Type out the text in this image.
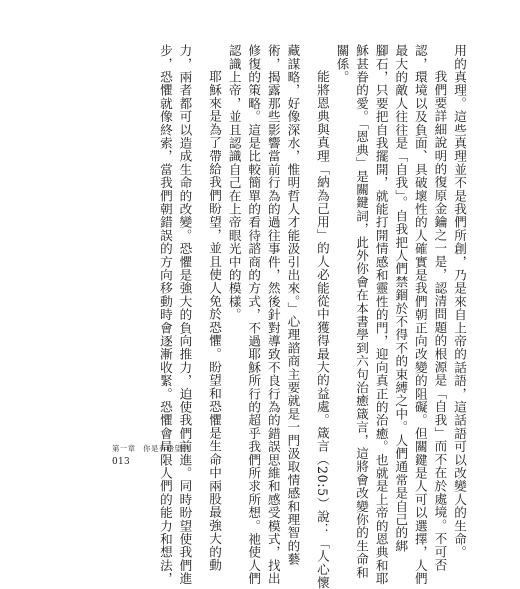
用的真理。這些真理並不是我們所創，乃是來自上帝的話語，這話語可以改變人的生命。
我們要詳細說明的復原金鑰之一是，認清問題的根源是「自我」而不在於處境。不可否
認，環境以及負面、具破壞性的人確實是我們朝正向改變的阻礙。但關鍵是人可以選擇，人們
最大的敵人往往是「自我」。自我把人們禁錮於不得不的束縛之中。人們通常是自己的綁
腳石，只要把自我擺開，就能打開情感和靈性的門，迎向真正的治癒。也就是上帝的恩典和耶
穌甚眷的愛。「恩典」是關鍵詞，此外你會在本書學到六句治癒箴言，這將會改變你的生命和
關係。
能將恩典與真理「納為己用」的人必能從中獲得最大的益處。箴言（20:5）說：「人心懷
藏謀略，好像深水，惟明哲人才能汲引出來。」心理諮商主要就是一門汲取情感和理智的藝
術，揭露那些影響當前行為的過往事件，然後針對導致不良行為的錯誤思維和感受模式，找出
修復的策略。這是比較簡單的看待諮商的方式，不過耶穌所行的超乎我們所求所想。祂使人們
認識上帝，並且認識自己在上帝眼光中的模樣。
耶穌來是為了帶給我們盼望，並且使人免於恐懼。盼望和恐懼是生命中兩股最強大的動
力，兩者都可以造成生命的改變。恐懼是強大的負向推力，迫使我們前進。同時盼望使我們進
步，恐懼就像終索，當我們朝錯誤的方向移動時會逐漸收緊。恐懼會局限人們的能力和想法，
第一章　你是有盼望的
013
